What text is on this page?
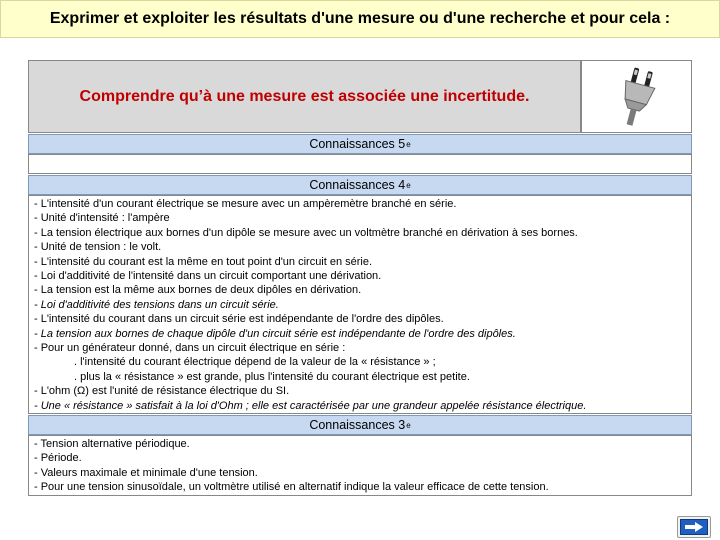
Exprimer et exploiter les résultats d'une mesure ou d'une recherche et pour cela :
Comprendre qu’à une mesure est associée une incertitude.
Connaissances 5 e
Connaissances 4 e
- L'intensité d'un courant électrique se mesure avec un ampèremètre branché en série.
- Unité d'intensité : l'ampère
- La tension électrique aux bornes d'un dipôle se mesure avec un voltmètre branché en dérivation à ses bornes.
- Unité de tension : le volt.
- L'intensité du courant est la même en tout point d'un circuit en série.
- Loi d'additivité de l'intensité dans un circuit comportant une dérivation.
- La tension est la même aux bornes de deux dipôles en dérivation.
- Loi d'additivité des tensions dans un circuit série.
- L'intensité du courant dans un circuit série est indépendante de l'ordre des dipôles.
- La tension aux bornes de chaque dipôle d'un circuit série est indépendante de l'ordre des dipôles.
- Pour un générateur donné, dans un circuit électrique en série :
. l'intensité du courant électrique dépend de la valeur de la « résistance » ;
. plus la « résistance » est grande, plus l'intensité du courant électrique est petite.
- L'ohm (Ω) est l'unité de résistance électrique du SI.
- Une « résistance » satisfait à la loi d'Ohm ; elle est caractérisée par une grandeur appelée résistance électrique.
Connaissances 3 e
- Tension alternative périodique.
- Période.
- Valeurs maximale et minimale d'une tension.
- Pour une tension sinusoïdale, un voltmètre utilisé en alternatif indique la valeur efficace de cette tension.
